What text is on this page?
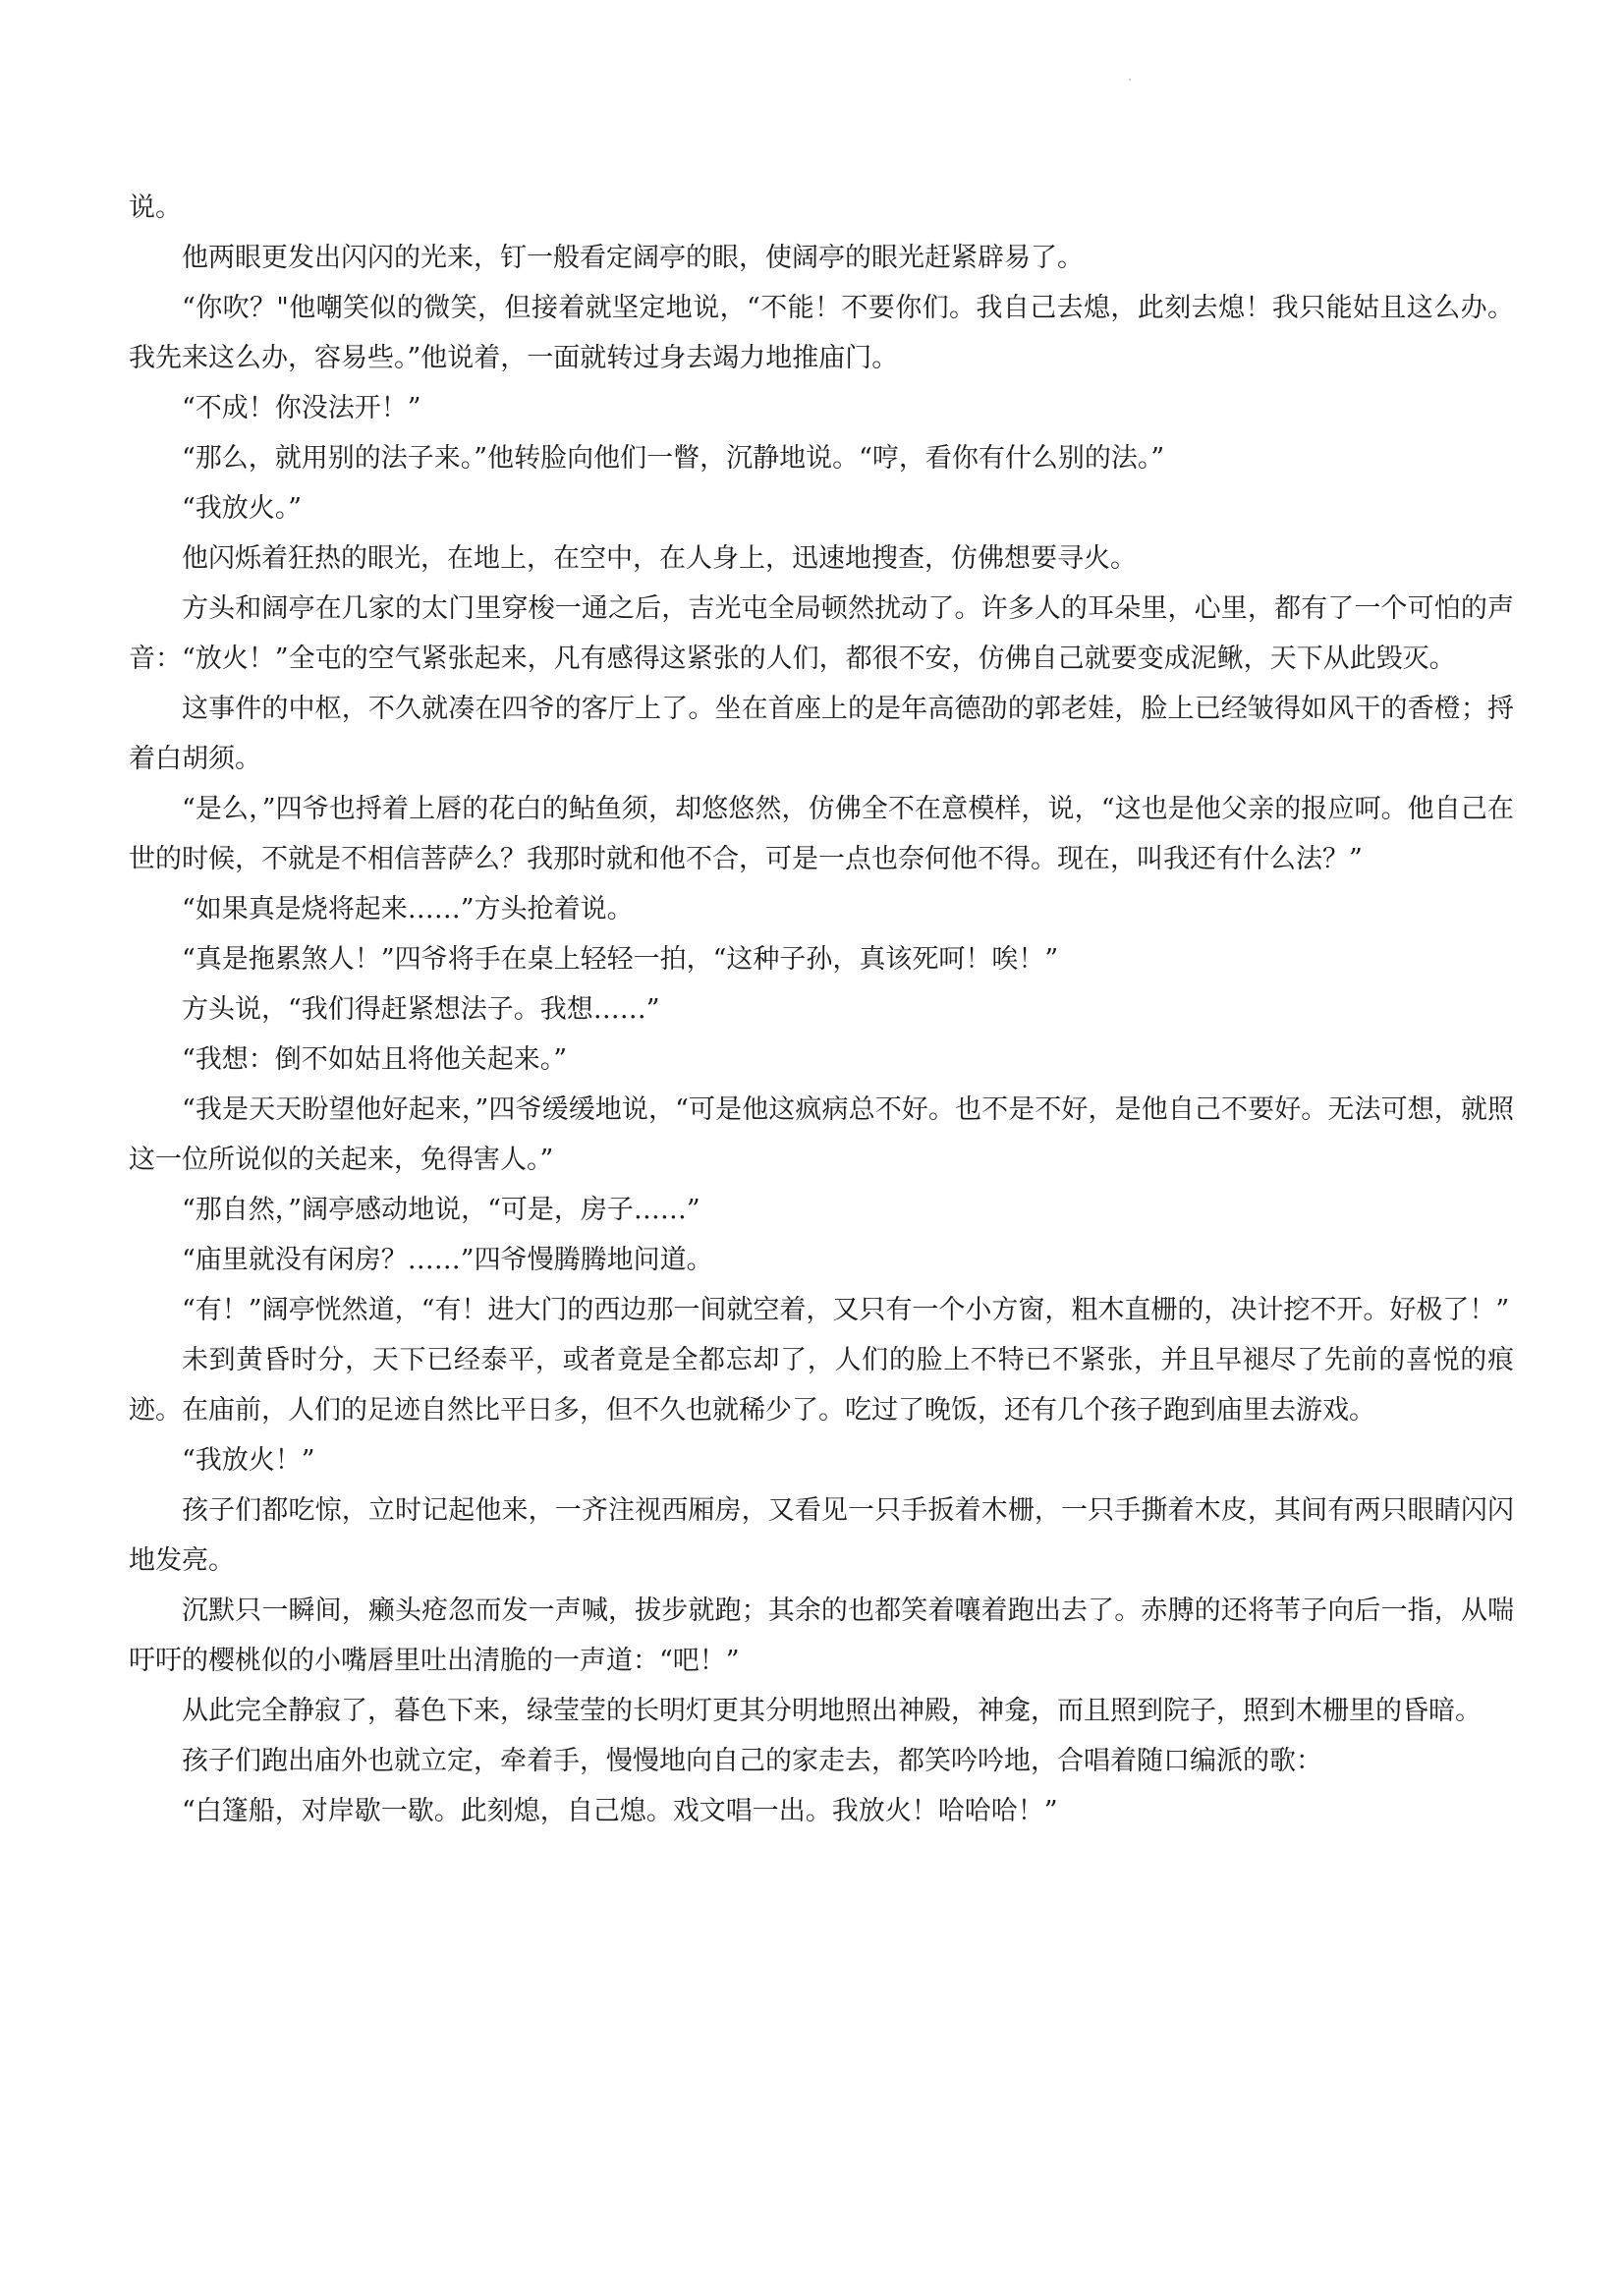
说。

他两眼更发出闪闪的光来，钉一般看定阔亭的眼，使阔亭的眼光赶紧辟易了。

“你吹？"他嘲笑似的微笑，但接着就坚定地说，“不能！不要你们。我自己去熄，此刻去熄！我只能姑且这么办。我先来这么办，容易些。”他说着，一面就转过身去竭力地推庙门。

“不成！你没法开！”

“那么，就用别的法子来。”他转脸向他们一瞥，沉静地说。“哼，看你有什么别的法。”

“我放火。”

他闪烁着狂热的眼光，在地上，在空中，在人身上，迅速地搜查，仿佛想要寻火。

方头和阔亭在几家的太门里穿梭一通之后，吉光屯全局顿然扰动了。许多人的耳朵里，心里，都有了一个可怕的声音：“放火！”全屯的空气紧张起来，凡有感得这紧张的人们，都很不安，仿佛自己就要变成泥鳅，天下从此毁灭。

这事件的中枢，不久就凑在四爷的客厅上了。坐在首座上的是年高德劭的郭老娃，脸上已经皱得如风干的香橙；捋着白胡须。

“是么，”四爷也捋着上唇的花白的鲇鱼须，却悠悠然，仿佛全不在意模样，说，“这也是他父亲的报应呵。他自己在世的时候，不就是不相信菩萨么？我那时就和他不合，可是一点也奈何他不得。现在，叫我还有什么法？”

“如果真是烧将起来……”方头抢着说。

“真是拖累煞人！”四爷将手在桌上轻轻一拍，“这种子孙，真该死呵！唉！”

方头说，“我们得赶紧想法子。我想……”

“我想：倒不如姑且将他关起来。”

“我是天天盼望他好起来，”四爷缓缓地说，“可是他这疯病总不好。也不是不好，是他自己不要好。无法可想，就照这一位所说似的关起来，免得害人。”

“那自然，”阔亭感动地说，“可是，房子……”

“庙里就没有闲房？……”四爷慢腾腾地问道。

“有！”阔亭恍然道，“有！进大门的西边那一间就空着，又只有一个小方窗，粗木直栅的，决计挖不开。好极了！”

未到黄昏时分，天下已经泰平，或者竟是全都忘却了，人们的脸上不特已不紧张，并且早褪尽了先前的喜悦的痕迹。在庙前，人们的足迹自然比平日多，但不久也就稀少了。吃过了晚饭，还有几个孩子跑到庙里去游戏。

“我放火！”

孩子们都吃惊，立时记起他来，一齐注视西厢房，又看见一只手扳着木栅，一只手撕着木皮，其间有两只眼睛闪闪地发亮。

沉默只一瞬间，癞头疮忽而发一声喊，拔步就跑；其余的也都笑着嚷着跑出去了。赤膊的还将苇子向后一指，从喘吁吁的樱桃似的小嘴唇里吐出清脆的一声道：“吧！”

从此完全静寂了，暮色下来，绿莹莹的长明灯更其分明地照出神殿，神龛，而且照到院子，照到木栅里的昏暗。

孩子们跑出庙外也就立定，牵着手，慢慢地向自己的家走去，都笑吟吟地，合唱着随口编派的歌：

“白篷船，对岸歇一歇。此刻熄，自己熄。戏文唱一出。我放火！哈哈哈！”
